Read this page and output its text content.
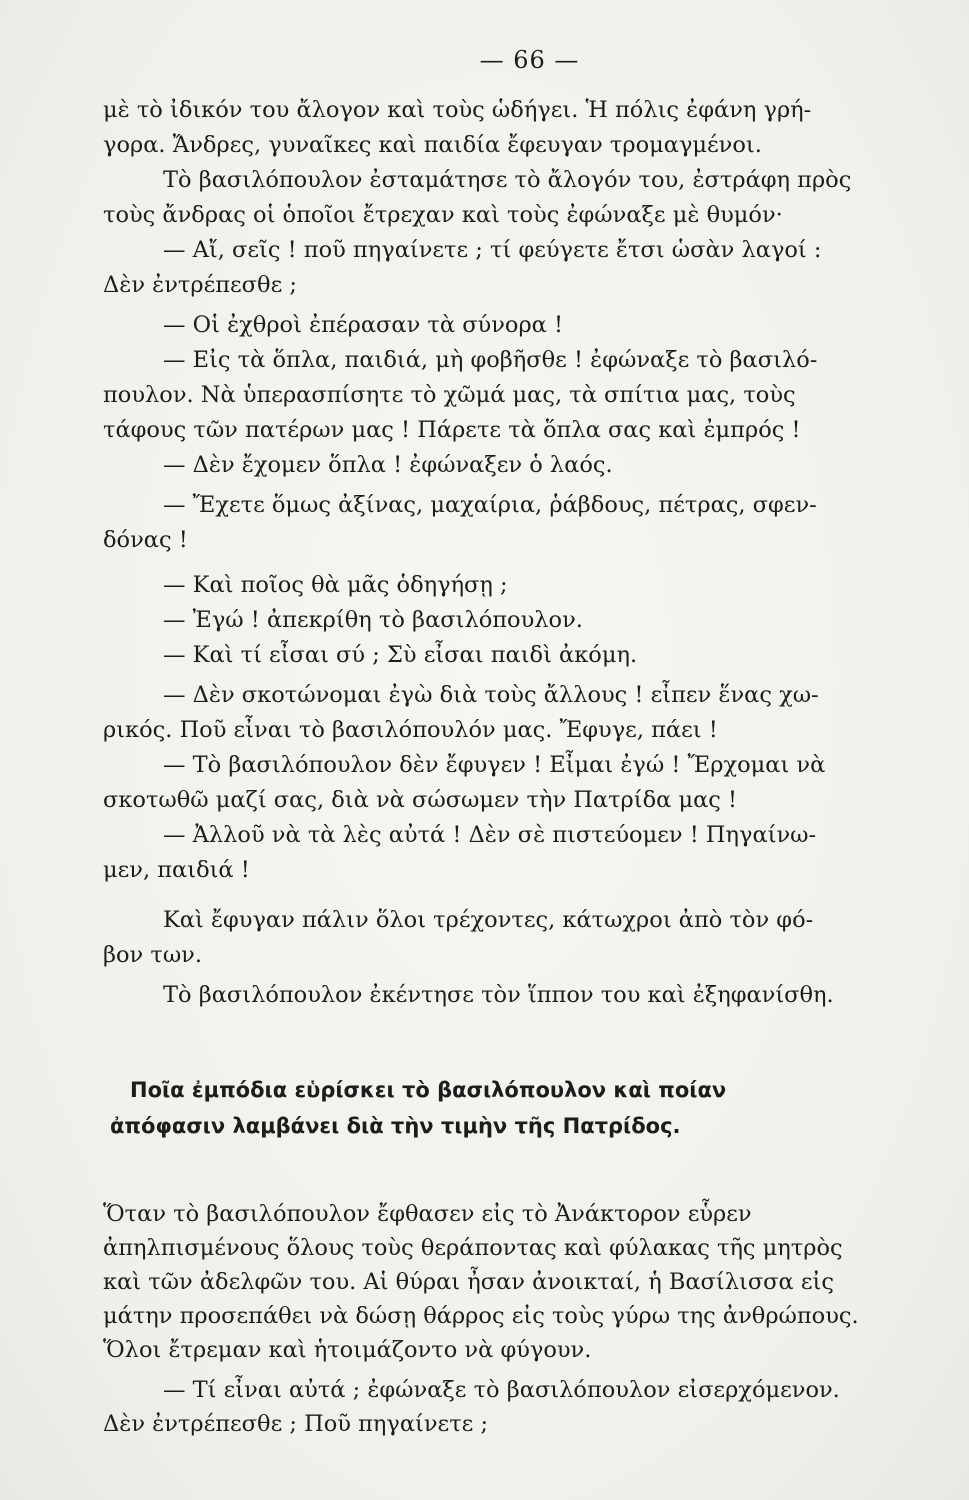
— 66 —
μὲ τὸ ἰδικόν του ἄλογον καὶ τοὺς ὡδήγει. Ἡ πόλις ἐφάνη γρή-
γορα. Ἄνδρες, γυναῖκες καὶ παιδία ἔφευγαν τρομαγμένοι.
Τὸ βασιλόπουλον ἐσταμάτησε τὸ ἄλογόν του, ἐστράφη πρὸς
τοὺς ἄνδρας οἱ ὁποῖοι ἔτρεχαν καὶ τοὺς ἐφώναξε μὲ θυμόν·
— Αἴ, σεῖς ! ποῦ πηγαίνετε ; τί φεύγετε ἔτσι ὡσὰν λαγοί :
Δὲν ἐντρέπεσθε ;
— Οἱ ἐχθροὶ ἐπέρασαν τὰ σύνορα !
— Εἰς τὰ ὅπλα, παιδιά, μὴ φοβῆσθε ! ἐφώναξε τὸ βασιλό-
πουλον. Νὰ ὑπερασπίσητε τὸ χῶμά μας, τὰ σπίτια μας, τοὺς
τάφους τῶν πατέρων μας ! Πάρετε τὰ ὅπλα σας καὶ ἐμπρός !
— Δὲν ἔχομεν ὅπλα ! ἐφώναξεν ὁ λαός.
— Ἔχετε ὅμως ἀξίνας, μαχαίρια, ῥάβδους, πέτρας, σφεν-
δόνας !
— Καὶ ποῖος θὰ μᾶς ὁδηγήσῃ ;
— Ἐγώ ! ἀπεκρίθη τὸ βασιλόπουλον.
— Καὶ τί εἶσαι σύ ; Σὺ εἶσαι παιδὶ ἀκόμη.
— Δὲν σκοτώνομαι ἐγὼ διὰ τοὺς ἄλλους ! εἶπεν ἕνας χω-
ρικός. Ποῦ εἶναι τὸ βασιλόπουλόν μας. Ἔφυγε, πάει !
— Τὸ βασιλόπουλον δὲν ἔφυγεν ! Εἶμαι ἐγώ ! Ἔρχομαι νὰ
σκοτωθῶ μαζί σας, διὰ νὰ σώσωμεν τὴν Πατρίδα μας !
— Ἀλλοῦ νὰ τὰ λὲς αὐτά ! Δὲν σὲ πιστεύομεν ! Πηγαίνω-
μεν, παιδιά !
Καὶ ἔφυγαν πάλιν ὅλοι τρέχοντες, κάτωχροι ἀπὸ τὸν φό-
βον των.
Τὸ βασιλόπουλον ἐκέντησε τὸν ἵππον του καὶ ἐξηφανίσθη.
Ποῖα ἐμπόδια εὑρίσκει τὸ βασιλόπουλον καὶ ποίαν
ἀπόφασιν λαμβάνει διὰ τὴν τιμὴν τῆς Πατρίδος.
Ὅταν τὸ βασιλόπουλον ἔφθασεν εἰς τὸ Ἀνάκτορον εὗρεν
ἀπηλπισμένους ὅλους τοὺς θεράποντας καὶ φύλακας τῆς μητρὸς
καὶ τῶν ἀδελφῶν του. Αἱ θύραι ἦσαν ἀνοικταί, ἡ Βασίλισσα εἰς
μάτην προσεπάθει νὰ δώσῃ θάρρος εἰς τοὺς γύρω της ἀνθρώπους.
Ὅλοι ἔτρεμαν καὶ ἡτοιμάζοντο νὰ φύγουν.
— Τί εἶναι αὐτά ; ἐφώναξε τὸ βασιλόπουλον εἰσερχόμενον.
Δὲν ἐντρέπεσθε ; Ποῦ πηγαίνετε ;
